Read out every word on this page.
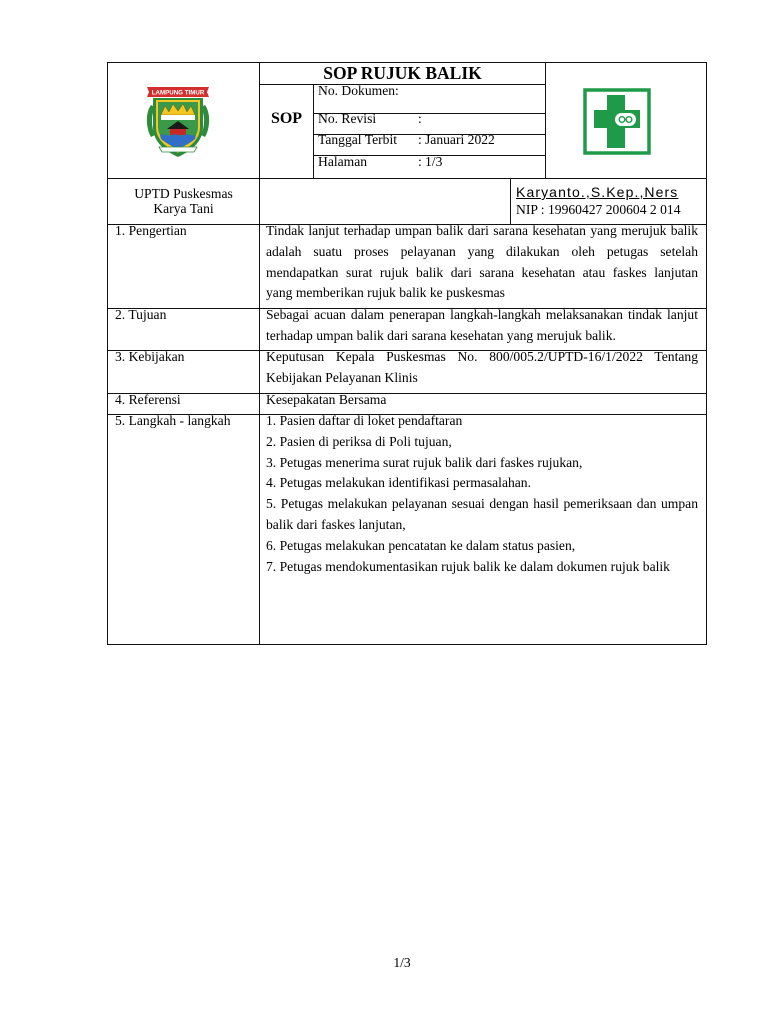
LAMPUNG TIMUR
SOP RUJUK BALIK
SOP
No. Dokumen:
No. Revisi	:
Tanggal Terbit : Januari 2022
Halaman	: 1/3
UPTD Puskesmas
Karya Tani
Karyanto.,S.Kep.,Ners
NIP : 19960427 200604 2 014
1. Pengertian	Tindak lanjut terhadap umpan balik dari sarana kesehatan yang merujuk balik
adalah suatu proses pelayanan yang dilakukan oleh petugas setelah
mendapatkan surat rujuk balik dari sarana kesehatan atau faskes lanjutan
yang memberikan rujuk balik ke puskesmas
2. Tujuan	Sebagai acuan dalam penerapan langkah-langkah melaksanakan tindak lanjut
terhadap umpan balik dari sarana kesehatan yang merujuk balik.
3. Kebijakan	Keputusan Kepala Puskesmas No. 800/005.2/UPTD-16/1/2022 Tentang
Kebijakan Pelayanan Klinis
4. Referensi	Kesepakatan Bersama
5. Langkah - langkah	1. Pasien daftar di loket pendaftaran
2. Pasien di periksa di Poli tujuan,
3. Petugas menerima surat rujuk balik dari faskes rujukan,
4. Petugas melakukan identifikasi permasalahan.
5. Petugas melakukan pelayanan sesuai dengan hasil pemeriksaan dan umpan
balik dari faskes lanjutan,
6. Petugas melakukan pencatatan ke dalam status pasien,
7. Petugas mendokumentasikan rujuk balik ke dalam dokumen rujuk balik
1/3
